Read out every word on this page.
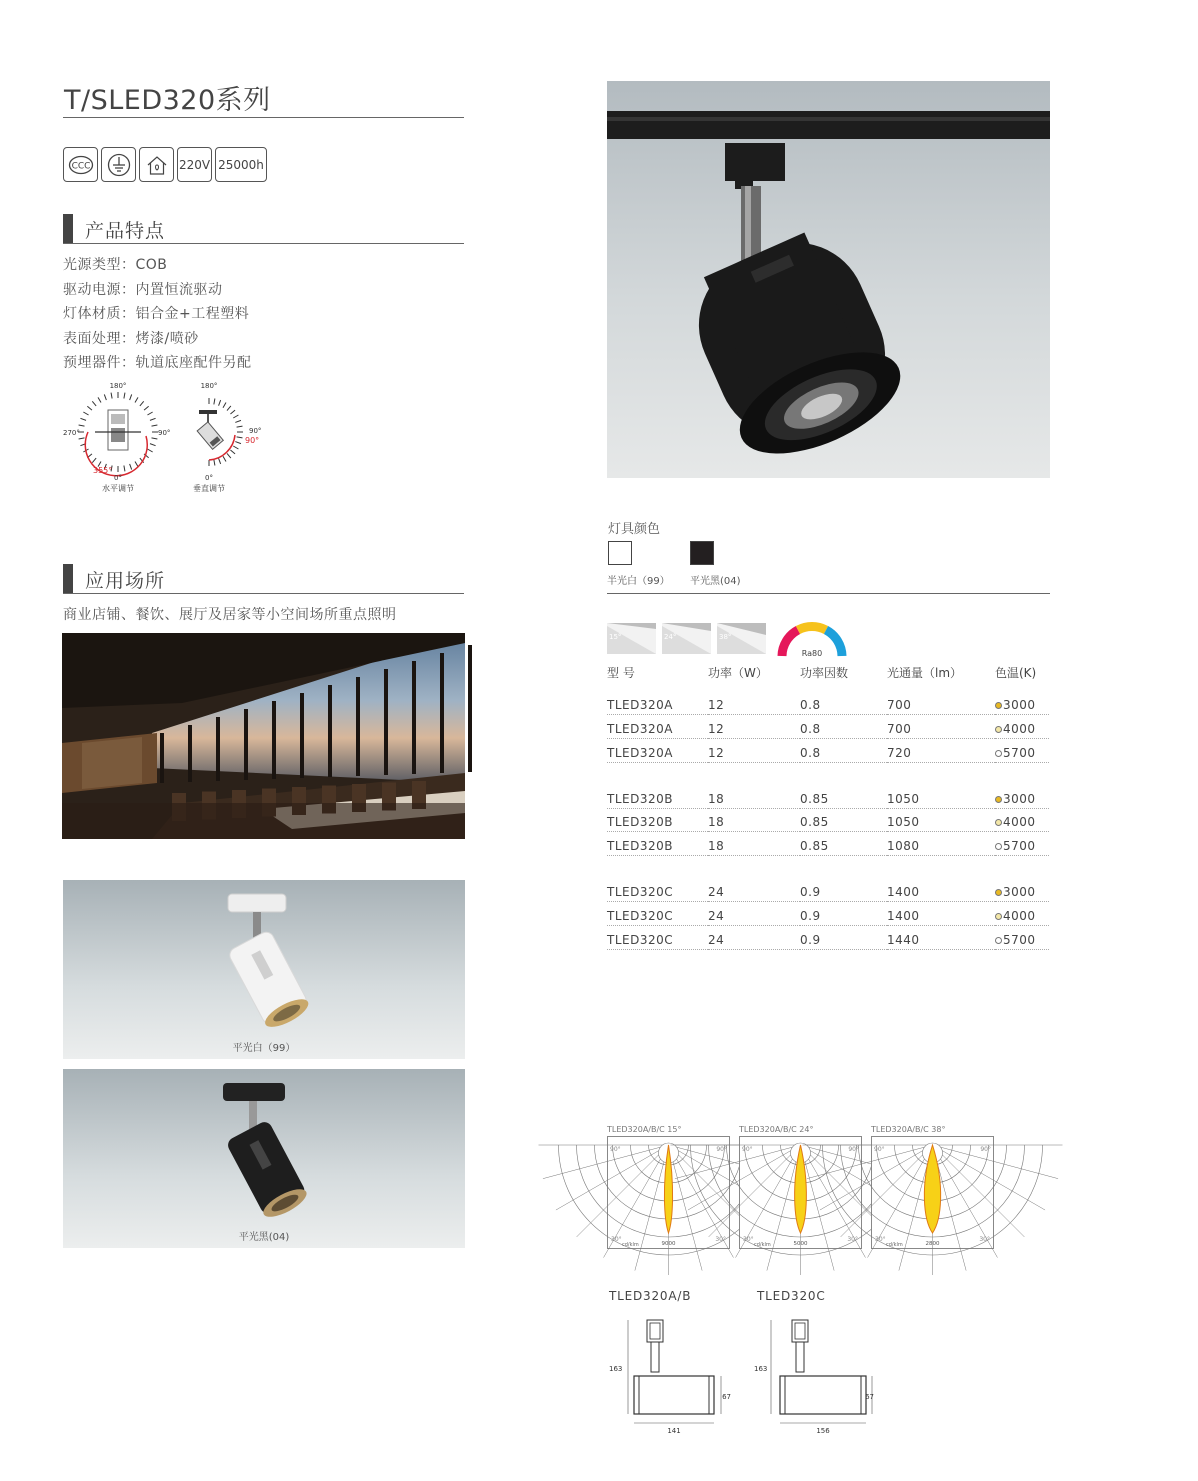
T/SLED320系列
CCC	220V 25000h
产品特点
光源类型：COB
驱动电源：内置恒流驱动
灯体材质：铝合金+工程塑料
表面处理：烤漆/喷砂
预埋器件：轨道底座配件另配
180°
270°	90°
0°
355°
水平调节
180°
90°
90°
0°
垂直调节
应用场所
商业店铺、餐饮、展厅及居家等小空间场所重点照明
平光白（99）
平光黑(04)
灯具颜色
半光白（99） 平光黑(04)
15°	24°	38°
Ra80
型 号	功率（W）	功率因数	光通量（lm）	色温(K)
TLED320A	12	0.8	700	3000
TLED320A	12	0.8	700	4000
TLED320A	12	0.8	720	5700

TLED320B	18	0.85	1050	3000
TLED320B	18	0.85	1050	4000
TLED320B	18	0.85	1080	5700

TLED320C	24	0.9	1400	3000
TLED320C	24	0.9	1400	4000
TLED320C	24	0.9	1440	5700
TLED320A/B/C 15°
90°	90°
30°	30°
9000
cd/klm
TLED320A/B/C 24°
90°	90°
30°	30°
5000
cd/klm
TLED320A/B/C 38°
90°	90°
30°	30°
2800
cd/klm
TLED320A/B	TLED320C
163
67
141
163
67
156
